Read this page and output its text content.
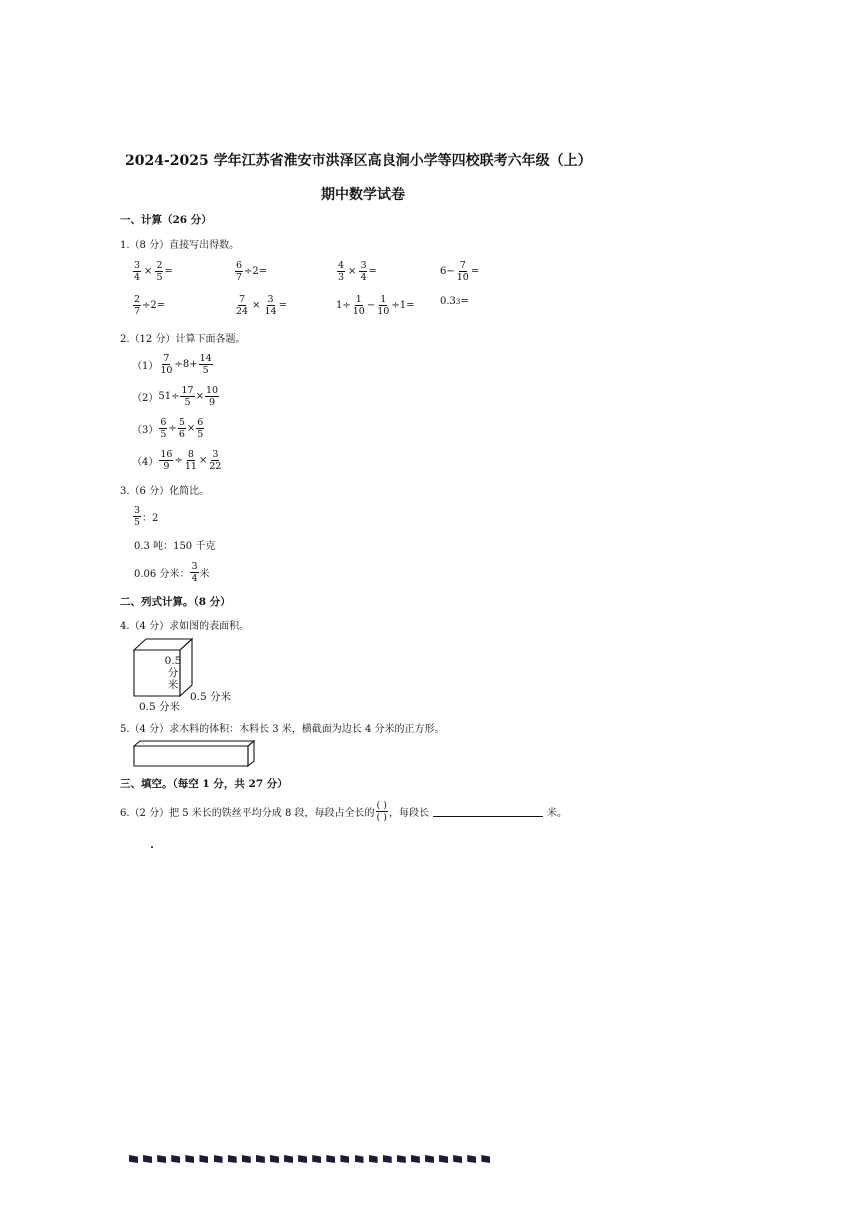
2024-2025 学年江苏省淮安市洪泽区高良涧小学等四校联考六年级（上）
期中数学试卷
一、计算（26 分）
1.（8 分）直接写出得数。
$\frac{3}{4} \times \frac{2}{5}$ =	$\frac{6}{7} \div 2=$	$\frac{4}{3} \times \frac{3}{4}$ =	$6- \frac{7}{10}$ =
$\frac{2}{7} \div 2=$	$\frac{7}{24} \times \frac{3}{14}$ =	$1\div \frac{1}{10} - \frac{1}{10} \div 1=$	0.3 3 =
2.（12 分）计算下面各题。
$(1) \frac{7}{10} \div 8+ \frac{14}{5}$
（2） $51\div \frac{17}{5} \times \frac{10}{9}$
$(3) \frac{6}{5} \div \frac{5}{6} \times \frac{6}{5}$
$(4) \frac{16}{9} \div \frac{8}{11} \times \frac{3}{22}$
3.（6 分）化简比。
$\frac{3}{5}$ ：2
0.3 吨：150 千克
0.06 分米： $\frac{3}{4}$ 米
二、列式计算。（8 分）
4.（4 分）求如图的表面积。
0.5
分
米
0.5 分米
0.5 分米
5.（4 分）求木料的体积：木料长 3 米，横截面为边长 4 分米的正方形。
三、填空。（每空 1 分，共 27 分）
6.（2 分）把 5 米长的铁丝平均分成 8 段，每段占全长的 $\frac{( )}{( )}$ ，每段长	米。
